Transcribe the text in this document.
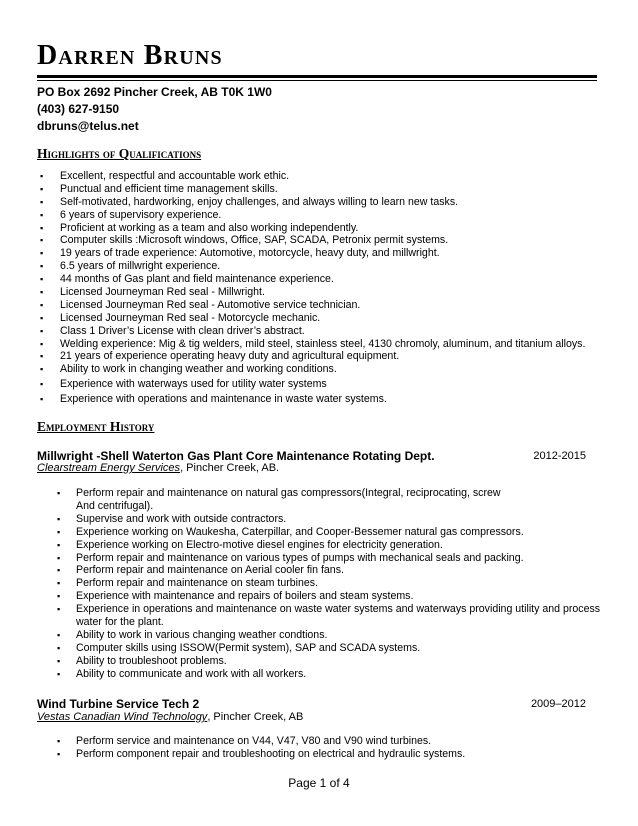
Darren Bruns
PO Box 2692 Pincher Creek, AB T0K 1W0
(403) 627-9150
dbruns@telus.net
Highlights of Qualifications
▪ Excellent, respectful and accountable work ethic.
▪ Punctual and efficient time management skills.
▪ Self-motivated, hardworking, enjoy challenges, and always willing to learn new tasks.
▪ 6 years of supervisory experience.
▪ Proficient at working as a team and also working independently.
▪ Computer skills :Microsoft windows, Office, SAP, SCADA, Petronix permit systems.
▪ 19 years of trade experience: Automotive, motorcycle, heavy duty, and millwright.
▪ 6.5 years of millwright experience.
▪ 44 months of Gas plant and field maintenance experience.
▪ Licensed Journeyman Red seal - Millwright.
▪ Licensed Journeyman Red seal - Automotive service technician.
▪ Licensed Journeyman Red seal - Motorcycle mechanic.
▪ Class 1 Driver’s License with clean driver’s abstract.
▪ Welding experience: Mig & tig welders, mild steel, stainless steel, 4130 chromoly, aluminum, and titanium alloys.
▪ 21 years of experience operating heavy duty and agricultural equipment.
▪ Ability to work in changing weather and working conditions.
▪ Experience with waterways used for utility water systems
▪ Experience with operations and maintenance in waste water systems.
Employment History
Millwright -Shell Waterton Gas Plant Core Maintenance Rotating Dept.	2012-2015
Clearstream Energy Services, Pincher Creek, AB.
▪ Perform repair and maintenance on natural gas compressors(Integral, reciprocating, screw
And centrifugal).
▪ Supervise and work with outside contractors.
▪ Experience working on Waukesha, Caterpillar, and Cooper-Bessemer natural gas compressors.
▪ Experience working on Electro-motive diesel engines for electricity generation.
▪ Perform repair and maintenance on various types of pumps with mechanical seals and packing.
▪ Perform repair and maintenance on Aerial cooler fin fans.
▪ Perform repair and maintenance on steam turbines.
▪ Experience with maintenance and repairs of boilers and steam systems.
▪ Experience in operations and maintenance on waste water systems and waterways providing utility and process
water for the plant.
▪ Ability to work in various changing weather condtions.
▪ Computer skills using ISSOW(Permit system), SAP and SCADA systems.
▪ Ability to troubleshoot problems.
▪ Ability to communicate and work with all workers.
Wind Turbine Service Tech 2	2009–2012
Vestas Canadian Wind Technology, Pincher Creek, AB
▪ Perform service and maintenance on V44, V47, V80 and V90 wind turbines.
▪ Perform component repair and troubleshooting on electrical and hydraulic systems.
Page 1 of 4
